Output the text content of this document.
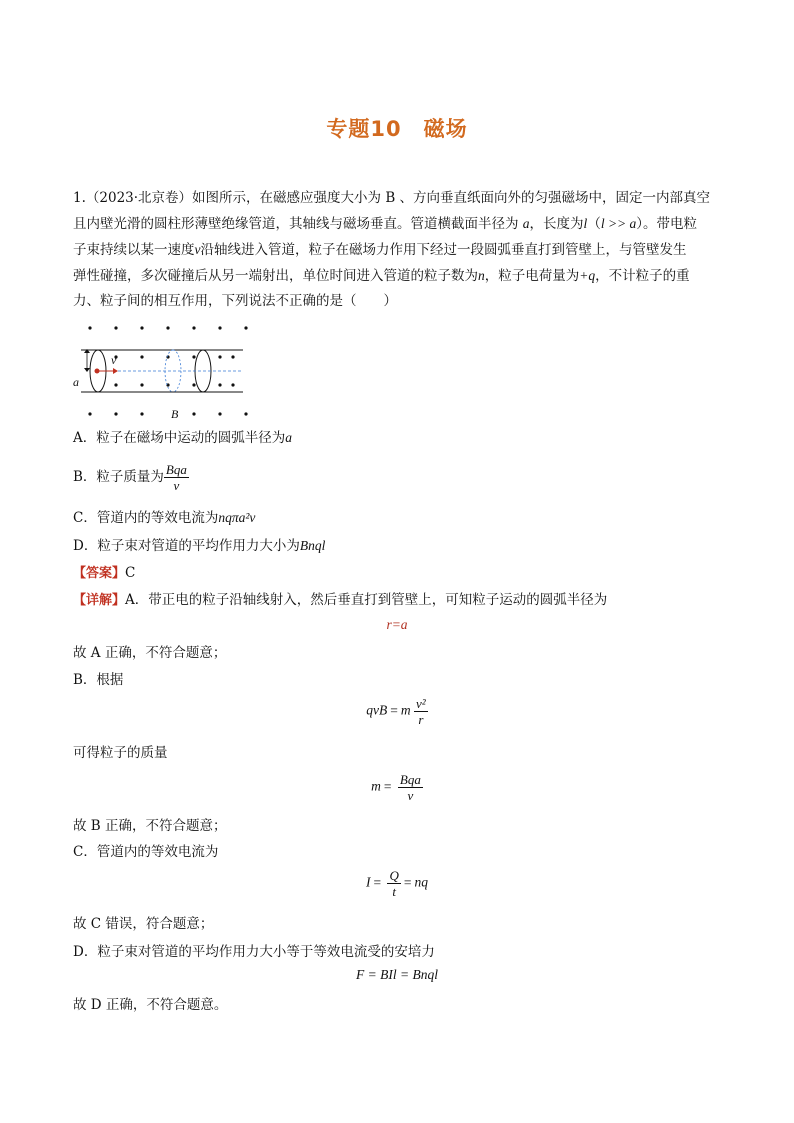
专题10 磁场

1.（2023·北京卷）如图所示，在磁感应强度大小为 B 、方向垂直纸面向外的匀强磁场中，固定一内部真空

且内壁光滑的圆柱形薄壁绝缘管道，其轴线与磁场垂直。管道横截面半径为 a，长度为l（l >> a）。带电粒

子束持续以某一速度v沿轴线进入管道，粒子在磁场力作用下经过一段圆弧垂直打到管壁上，与管壁发生

弹性碰撞，多次碰撞后从另一端射出，单位时间进入管道的粒子数为n，粒子电荷量为+q，不计粒子的重

力、粒子间的相互作用，下列说法不正确的是（　　）

v
a
B
A．粒子在磁场中运动的圆弧半径为a
B．粒子质量为 $\frac{\text{Bqa}}{v}$
C．管道内的等效电流为nqπa²v
D．粒子束对管道的平均作用力大小为Bnql
【答案】C
【详解】A．带正电的粒子沿轴线射入，然后垂直打到管壁上，可知粒子运动的圆弧半径为
r=a
故 A 正确，不符合题意；
B．根据
qvB = m $\frac{\text{v²}}{r}$
可得粒子的质量
$m = \frac{\text{Bqa}}{v}$
故 B 正确，不符合题意；
C．管道内的等效电流为
$I = \frac{Q}{t}$ = nq
故 C 错误，符合题意；
D．粒子束对管道的平均作用力大小等于等效电流受的安培力
F = BIl = Bnql
故 D 正确，不符合题意。
